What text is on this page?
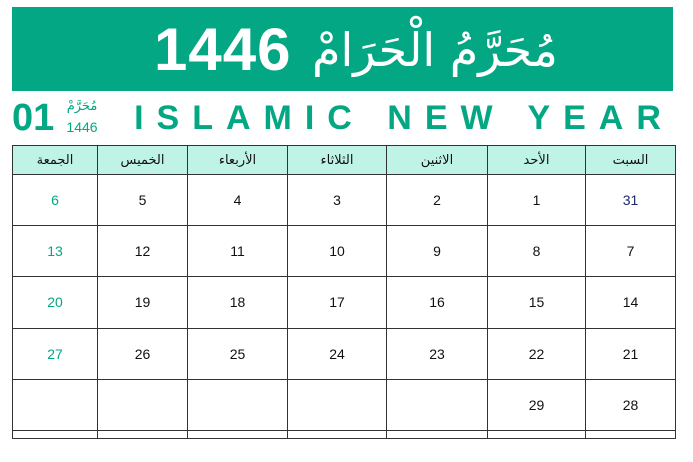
1446 مُحَرَّمُ الْحَرَامْ
01 مُحَرَّمْ
1446 ISLAMIC NEW YEAR
السبت	الأحد	الاثنين	الثلاثاء	الأربعاء	الخميس	الجمعة
31	1	2	3	4	5	6
7	8	9	10	11	12	13
14	15	16	17	18	19	20
21	22	23	24	25	26	27
28	29					
